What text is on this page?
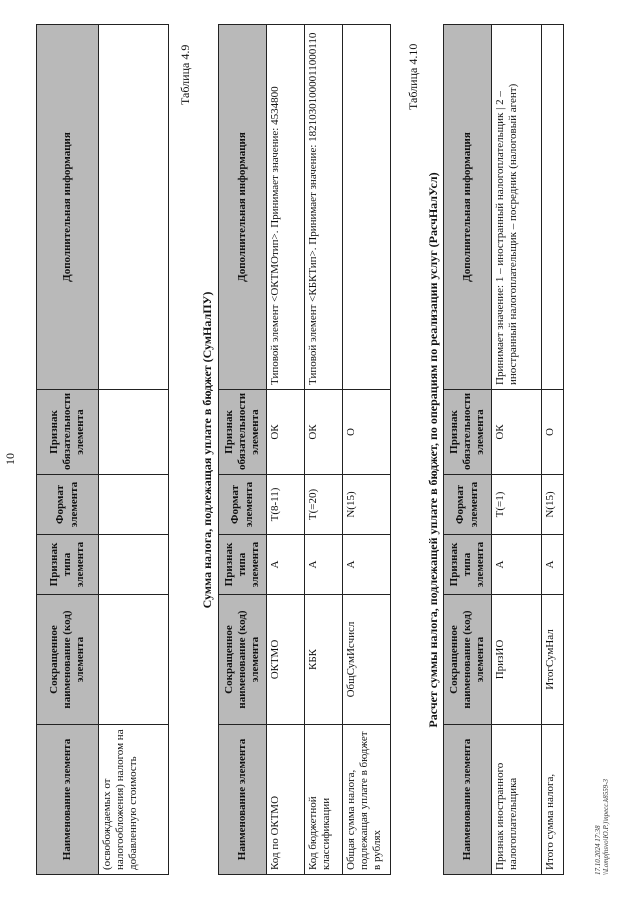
Наименование элемента	Сокращенное наименование (код) элемента	Признак типа элемента	Формат элемента	Признак обязательности элемента	Дополнительная информация
(освобождаемых от налогообложения) налогом на добавленную стоимость					
10
Таблица 4.9
Сумма налога, подлежащая уплате в бюджет (СумНалПУ)
Наименование элемента	Сокращенное наименование (код) элемента	Признак типа элемента	Формат элемента	Признак обязательности элемента	Дополнительная информация
Код по ОКТМО	ОКТМО	А	T(8-11)	ОК	Типовой элемент <ОКТМОтип>. Принимает значение: 4534800
Код бюджетной классификации	КБК	А	T(=20)	ОК	Типовой элемент <КБКТип>. Принимает значение: 18210301000011000110
Общая сумма налога, подлежащая уплате в бюджет в рублях	ОбщСумИсчисл	А	N(15)	О	
Таблица 4.10
Расчет суммы налога, подлежащей уплате в бюджет, по операциям по реализации услуг (РасчНалУсл)
Наименование элемента	Сокращенное наименование (код) элемента	Признак типа элемента	Формат элемента	Признак обязательности элемента	Дополнительная информация
Признак иностранного налогоплательщика	ПризИО	А	T(=1)	ОК	Принимает значение: 1 – иностранный налогоплательщик | 2 – иностранный налогоплательщик – посредник (налоговый агент)
Итого сумма налога,	ИтогСумНал	А	N(15)	О	
17.10.2024 17:38 \\Lompfnsvo\Ю.Р.)\пресс.k8559-3
